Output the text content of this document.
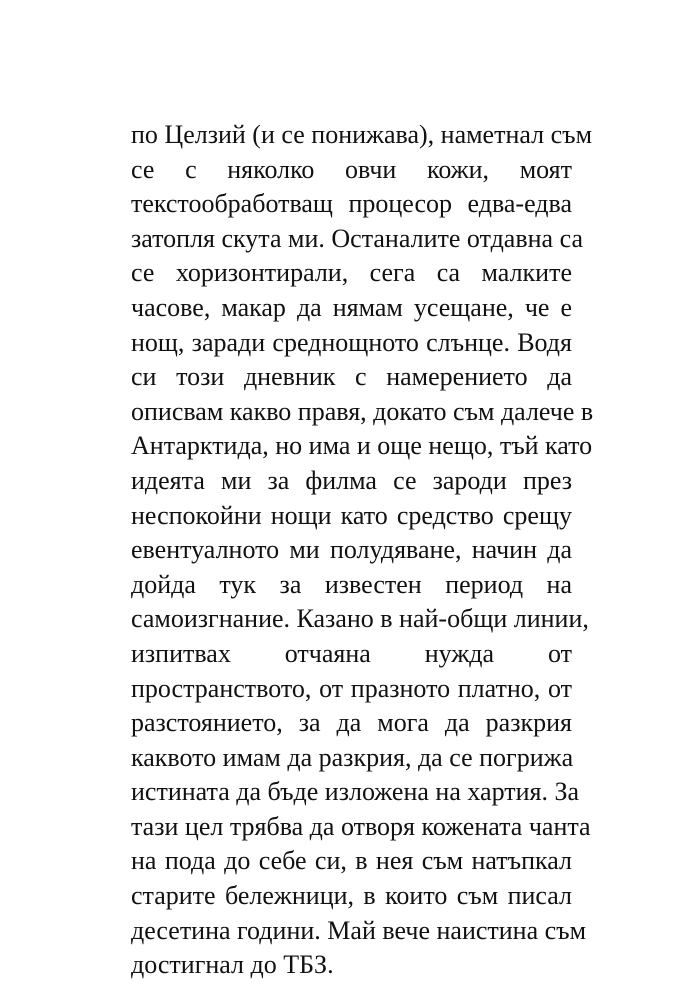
по Целзий (и се понижава), наметнал съм
се с няколко овчи кожи, моят
текстообработващ процесор едва-едва
затопля скута ми. Останалите отдавна са
се хоризонтирали, сега са малките
часове, макар да нямам усещане, че е
нощ, заради среднощното слънце. Водя
си този дневник с намерението да
описвам какво правя, докато съм далече в
Антарктида, но има и още нещо, тъй като
идеята ми за филма се зароди през
неспокойни нощи като средство срещу
евентуалното ми полудяване, начин да
дойда тук за известен период на
самоизгнание. Казано в най-общи линии,
изпитвах отчаяна нужда от
пространството, от празното платно, от
разстоянието, за да мога да разкрия
каквото имам да разкрия, да се погрижа
истината да бъде изложена на хартия. За
тази цел трябва да отворя кожената чанта
на пода до себе си, в нея съм натъпкал
старите бележници, в които съм писал
десетина години. Май вече наистина съм
достигнал до ТБЗ.
